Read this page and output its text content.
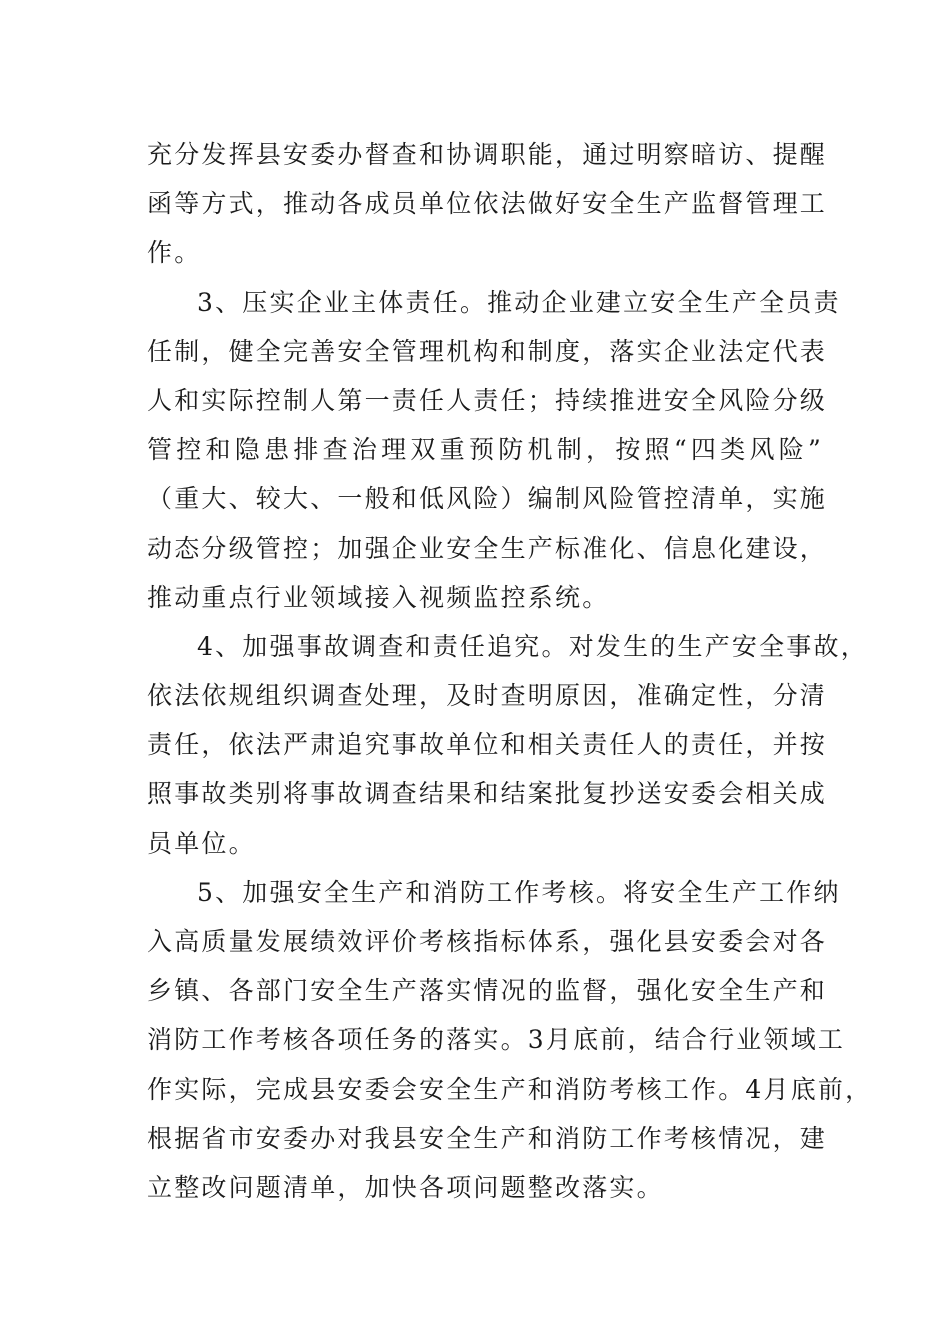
充分发挥县安委办督查和协调职能，通过明察暗访、提醒
函等方式，推动各成员单位依法做好安全生产监督管理工
作。
3、压实企业主体责任。推动企业建立安全生产全员责
任制，健全完善安全管理机构和制度，落实企业法定代表
人和实际控制人第一责任人责任；持续推进安全风险分级
管控和隐患排查治理双重预防机制，按照“四类风险”
（重大、较大、一般和低风险）编制风险管控清单，实施
动态分级管控；加强企业安全生产标准化、信息化建设，
推动重点行业领域接入视频监控系统。
4、加强事故调查和责任追究。对发生的生产安全事故，
依法依规组织调查处理，及时查明原因，准确定性，分清
责任，依法严肃追究事故单位和相关责任人的责任，并按
照事故类别将事故调查结果和结案批复抄送安委会相关成
员单位。
5、加强安全生产和消防工作考核。将安全生产工作纳
入高质量发展绩效评价考核指标体系，强化县安委会对各
乡镇、各部门安全生产落实情况的监督，强化安全生产和
消防工作考核各项任务的落实。3月底前，结合行业领域工
作实际，完成县安委会安全生产和消防考核工作。4月底前，
根据省市安委办对我县安全生产和消防工作考核情况，建
立整改问题清单，加快各项问题整改落实。
